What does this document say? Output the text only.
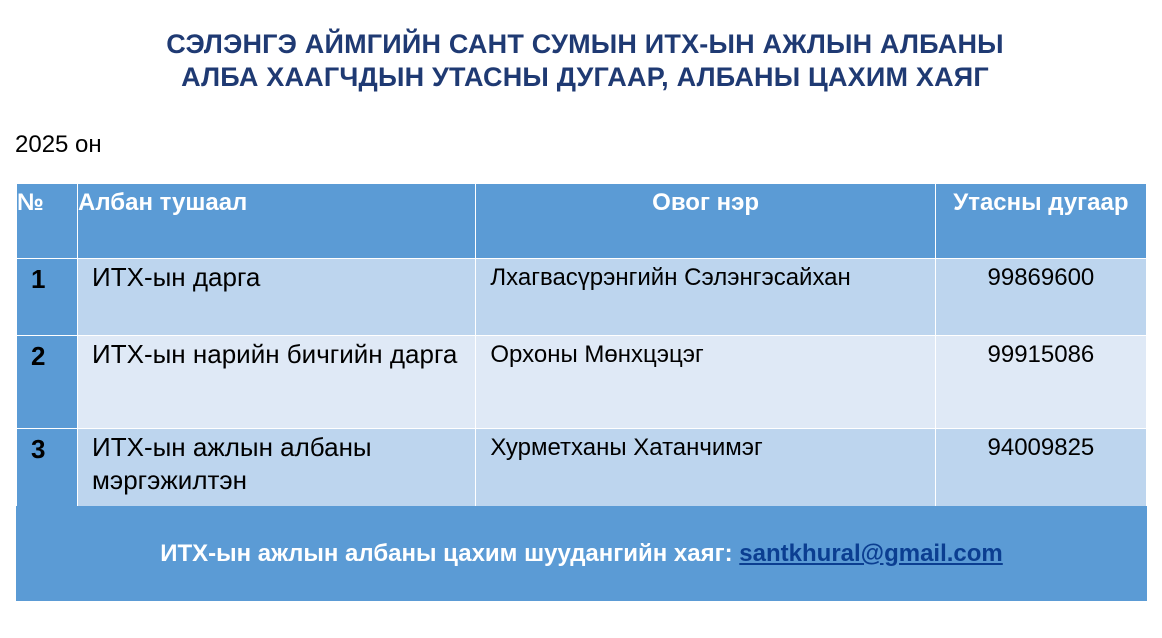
СЭЛЭНГЭ АЙМГИЙН САНТ СУМЫН ИТХ-ЫН АЖЛЫН АЛБАНЫ
АЛБА ХААГЧДЫН УТАСНЫ ДУГААР, АЛБАНЫ ЦАХИМ ХАЯГ
2025 он
№	Албан тушаал	Овог нэр	Утасны дугаар
1	ИТХ-ын дарга	Лхагвасүрэнгийн Сэлэнгэсайхан	99869600
2	ИТХ-ын нарийн бичгийн дарга	Орхоны Мөнхцэцэг	99915086
3	ИТХ-ын ажлын албаны мэргэжилтэн	Хурметханы Хатанчимэг	94009825
ИТХ-ын ажлын албаны цахим шуудангийн хаяг: santkhural@gmail.com
